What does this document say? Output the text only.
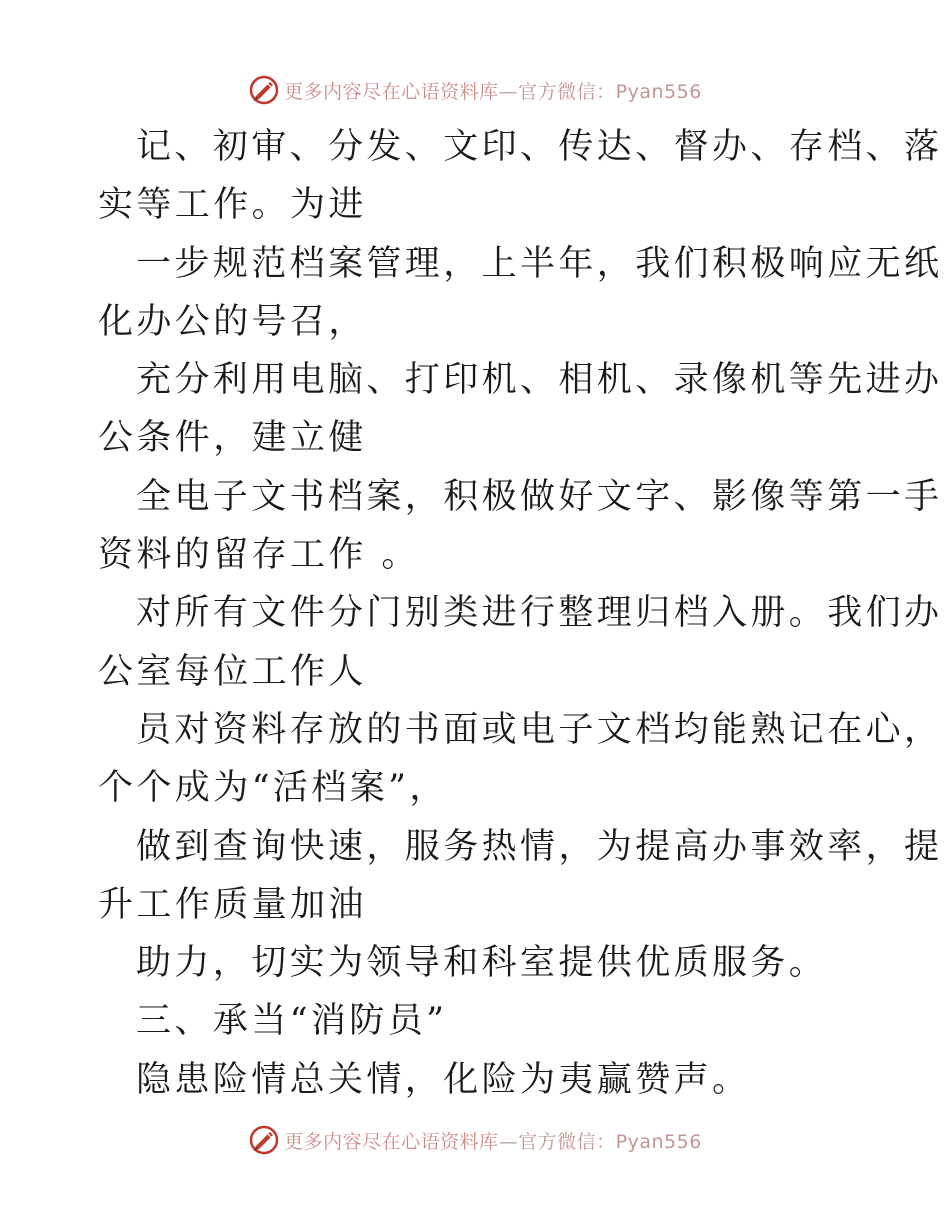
更多内容尽在心语资料库—官方微信：Pyan556
记、初审、分发、文印、传达、督办、存档、落
实等工作。为进
一步规范档案管理，上半年，我们积极响应无纸
化办公的号召，
充分利用电脑、打印机、相机、录像机等先进办
公条件，建立健
全电子文书档案，积极做好文字、影像等第一手
资料的留存工作 。
对所有文件分门别类进行整理归档入册。我们办
公室每位工作人
员对资料存放的书面或电子文档均能熟记在心，
个个成为“活档案”，
做到查询快速，服务热情，为提高办事效率，提
升工作质量加油
助力，切实为领导和科室提供优质服务。
三、承当“消防员”
隐患险情总关情，化险为夷赢赞声。
更多内容尽在心语资料库—官方微信：Pyan556
